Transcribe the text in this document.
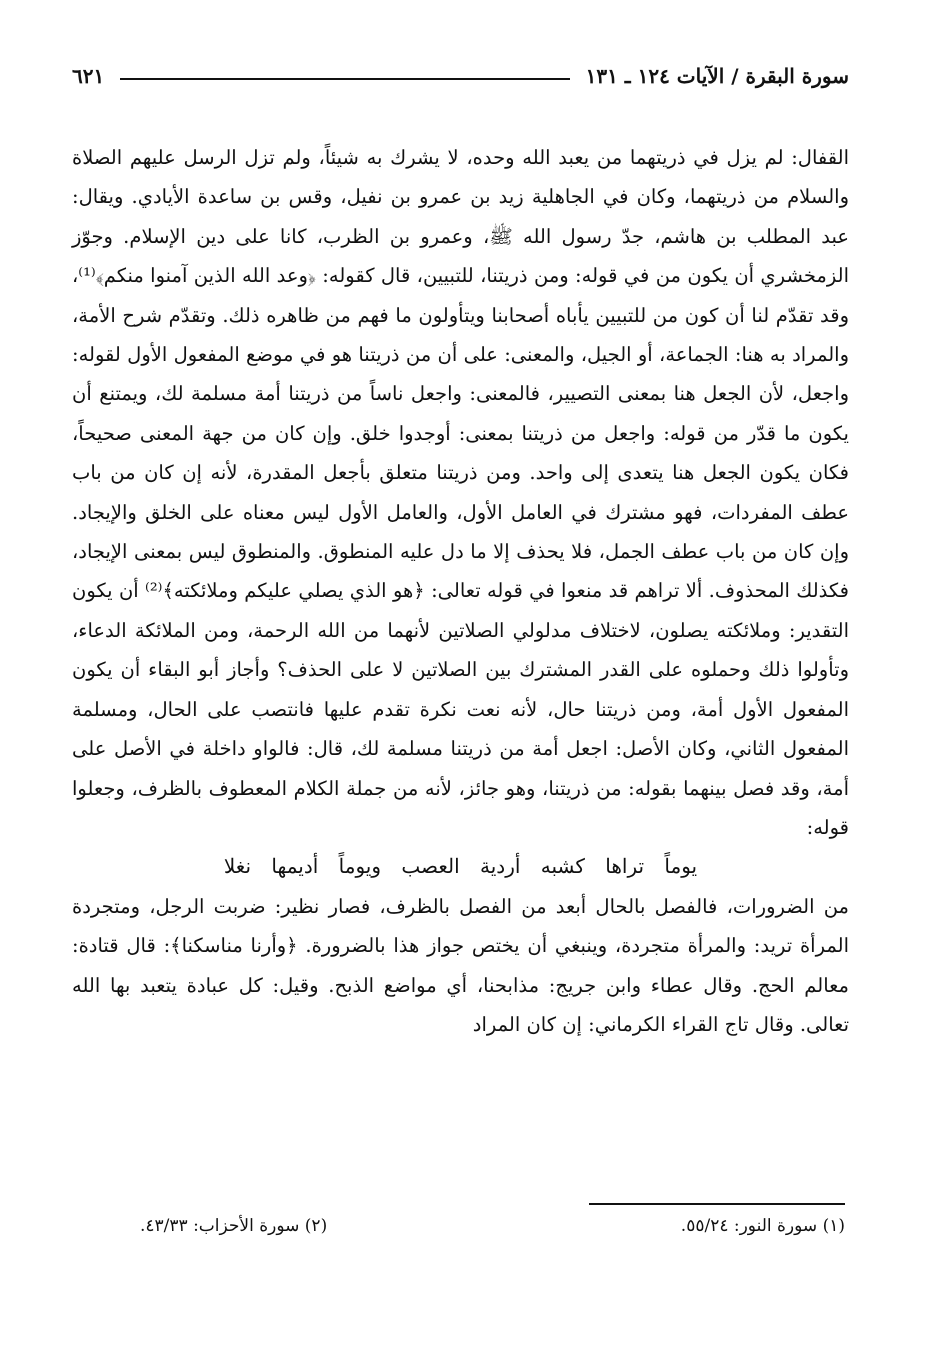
سورة البقرة / الآيات ١٢٤ ـ ١٣١
٦٢١

القفال: لم يزل في ذريتهما من يعبد الله وحده، لا يشرك به شيئاً، ولم تزل الرسل عليهم الصلاة والسلام من ذريتهما، وكان في الجاهلية زيد بن عمرو بن نفيل، وقس بن ساعدة الأيادي. ويقال: عبد المطلب بن هاشم، جدّ رسول الله ﷺ، وعمرو بن الظرب، كانا على دين الإسلام. وجوّز الزمخشري أن يكون من في قوله: ومن ذريتنا، للتبيين، قال كقوله: ﴿وعد الله الذين آمنوا منكم﴾⁽¹⁾، وقد تقدّم لنا أن كون من للتبيين يأباه أصحابنا ويتأولون ما فهم من ظاهره ذلك. وتقدّم شرح الأمة، والمراد به هنا: الجماعة، أو الجيل، والمعنى: على أن من ذريتنا هو في موضع المفعول الأول لقوله: واجعل، لأن الجعل هنا بمعنى التصيير، فالمعنى: واجعل ناساً من ذريتنا أمة مسلمة لك، ويمتنع أن يكون ما قدّر من قوله: واجعل من ذريتنا بمعنى: أوجدوا خلق. وإن كان من جهة المعنى صحيحاً، فكان يكون الجعل هنا يتعدى إلى واحد. ومن ذريتنا متعلق بأجعل المقدرة، لأنه إن كان من باب عطف المفردات، فهو مشترك في العامل الأول، والعامل الأول ليس معناه على الخلق والإيجاد. وإن كان من باب عطف الجمل، فلا يحذف إلا ما دل عليه المنطوق. والمنطوق ليس بمعنى الإيجاد، فكذلك المحذوف. ألا تراهم قد منعوا في قوله تعالى: ﴿هو الذي يصلي عليكم وملائكته﴾⁽²⁾ أن يكون التقدير: وملائكته يصلون، لاختلاف مدلولي الصلاتين لأنهما من الله الرحمة، ومن الملائكة الدعاء، وتأولوا ذلك وحملوه على القدر المشترك بين الصلاتين لا على الحذف؟ وأجاز أبو البقاء أن يكون المفعول الأول أمة، ومن ذريتنا حال، لأنه نعت نكرة تقدم عليها فانتصب على الحال، ومسلمة المفعول الثاني، وكان الأصل: اجعل أمة من ذريتنا مسلمة لك، قال: فالواو داخلة في الأصل على أمة، وقد فصل بينهما بقوله: من ذريتنا، وهو جائز، لأنه من جملة الكلام المعطوف بالظرف، وجعلوا قوله:

يوماً تراها كشبه أردية العصب ويوماً أديمها نغلا

من الضرورات، فالفصل بالحال أبعد من الفصل بالظرف، فصار نظير: ضربت الرجل، ومتجردة المرأة تريد: والمرأة متجردة، وينبغي أن يختص جواز هذا بالضرورة. ﴿وأرنا مناسكنا﴾: قال قتادة: معالم الحج. وقال عطاء وابن جريج: مذابحنا، أي مواضع الذبح. وقيل: كل عبادة يتعبد بها الله تعالى. وقال تاج القراء الكرماني: إن كان المراد

(١) سورة النور: ٥٥/٢٤.
(٢) سورة الأحزاب: ٤٣/٣٣.
